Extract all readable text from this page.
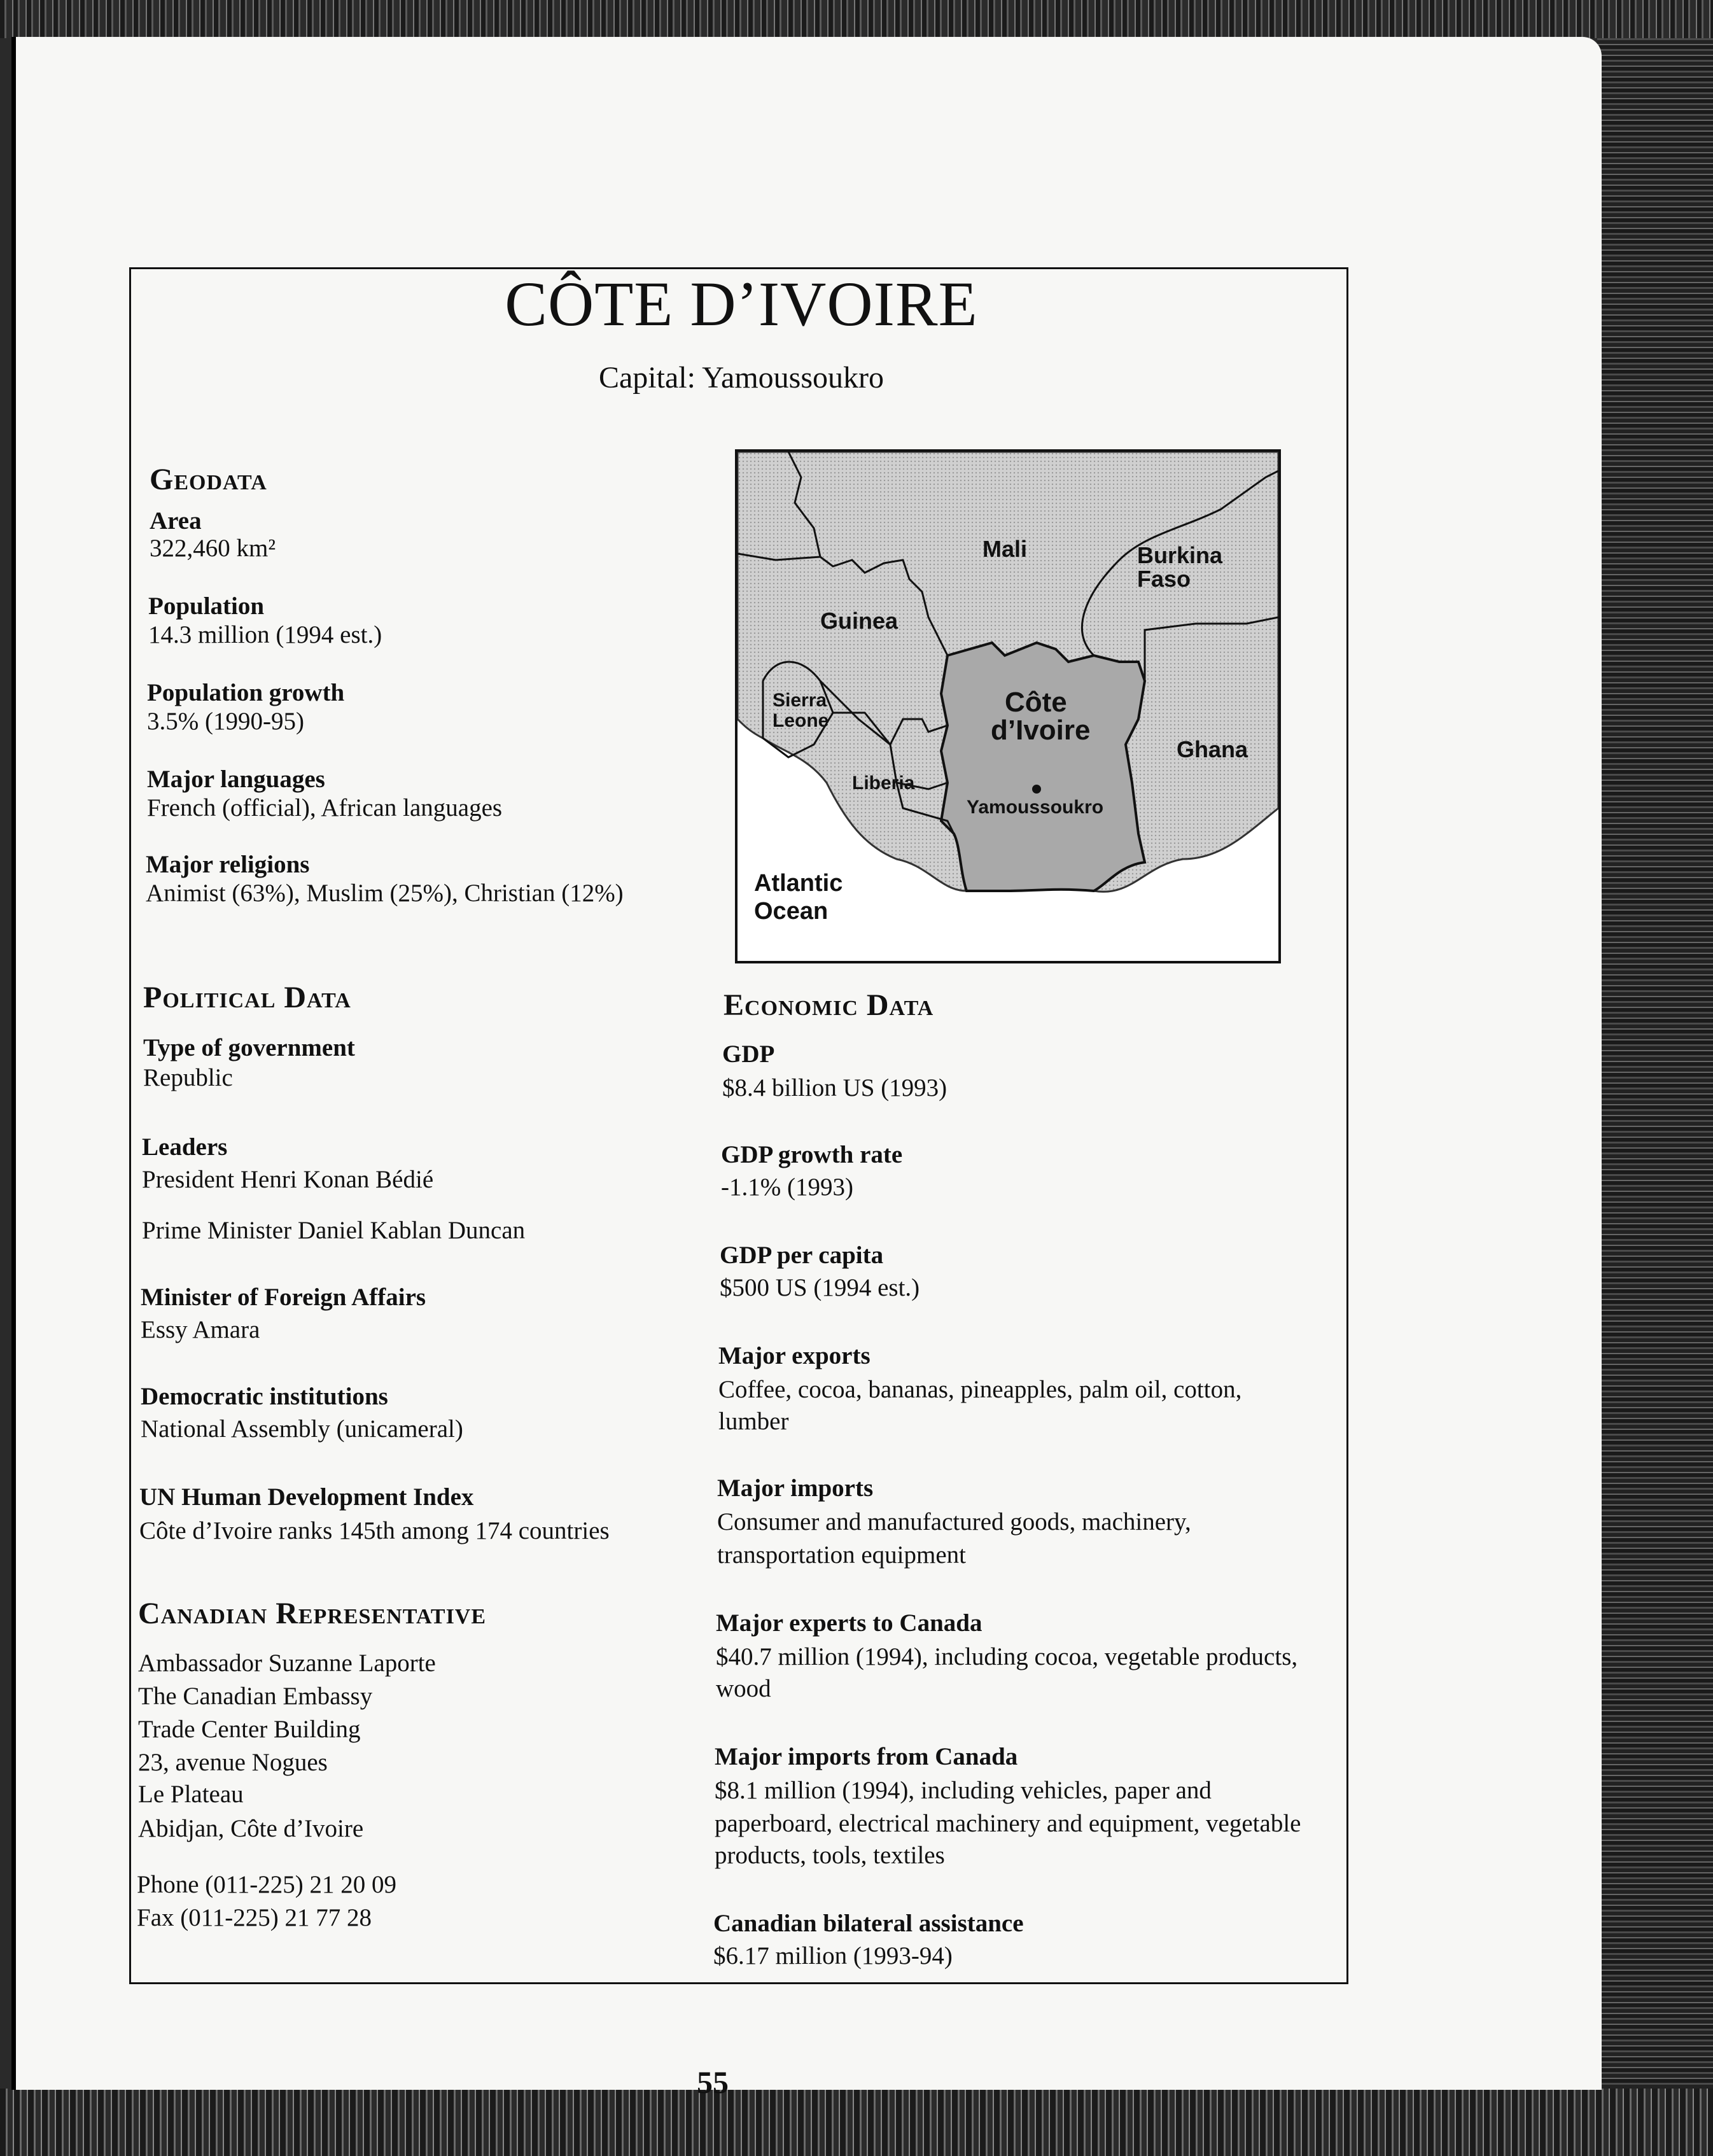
CÔTE D’IVOIRE
Capital: Yamoussoukro
Geodata
Area
322,460 km²
Population
14.3 million (1994 est.)
Population growth
3.5% (1990-95)
Major languages
French (official), African languages
Major religions
Animist (63%), Muslim (25%), Christian (12%)
Mali	Burkina
Faso
Guinea
Sierra
Leone
Côte
d’Ivoire
Ghana
Liberia
Yamoussoukro
Atlantic
Ocean
Political Data
Type of government
Republic
Leaders
President Henri Konan Bédié
Prime Minister Daniel Kablan Duncan
Minister of Foreign Affairs
Essy Amara
Democratic institutions
National Assembly (unicameral)
UN Human Development Index
Côte d’Ivoire ranks 145th among 174 countries
Canadian Representative
Ambassador Suzanne Laporte
The Canadian Embassy
Trade Center Building
23, avenue Nogues
Le Plateau
Abidjan, Côte d’Ivoire
Phone (011-225) 21 20 09
Fax (011-225) 21 77 28
Economic Data
GDP
$8.4 billion US (1993)
GDP growth rate
-1.1% (1993)
GDP per capita
$500 US (1994 est.)
Major exports
Coffee, cocoa, bananas, pineapples, palm oil, cotton,
lumber
Major imports
Consumer and manufactured goods, machinery,
transportation equipment
Major experts to Canada
$40.7 million (1994), including cocoa, vegetable products,
wood
Major imports from Canada
$8.1 million (1994), including vehicles, paper and
paperboard, electrical machinery and equipment, vegetable
products, tools, textiles
Canadian bilateral assistance
$6.17 million (1993-94)
55
